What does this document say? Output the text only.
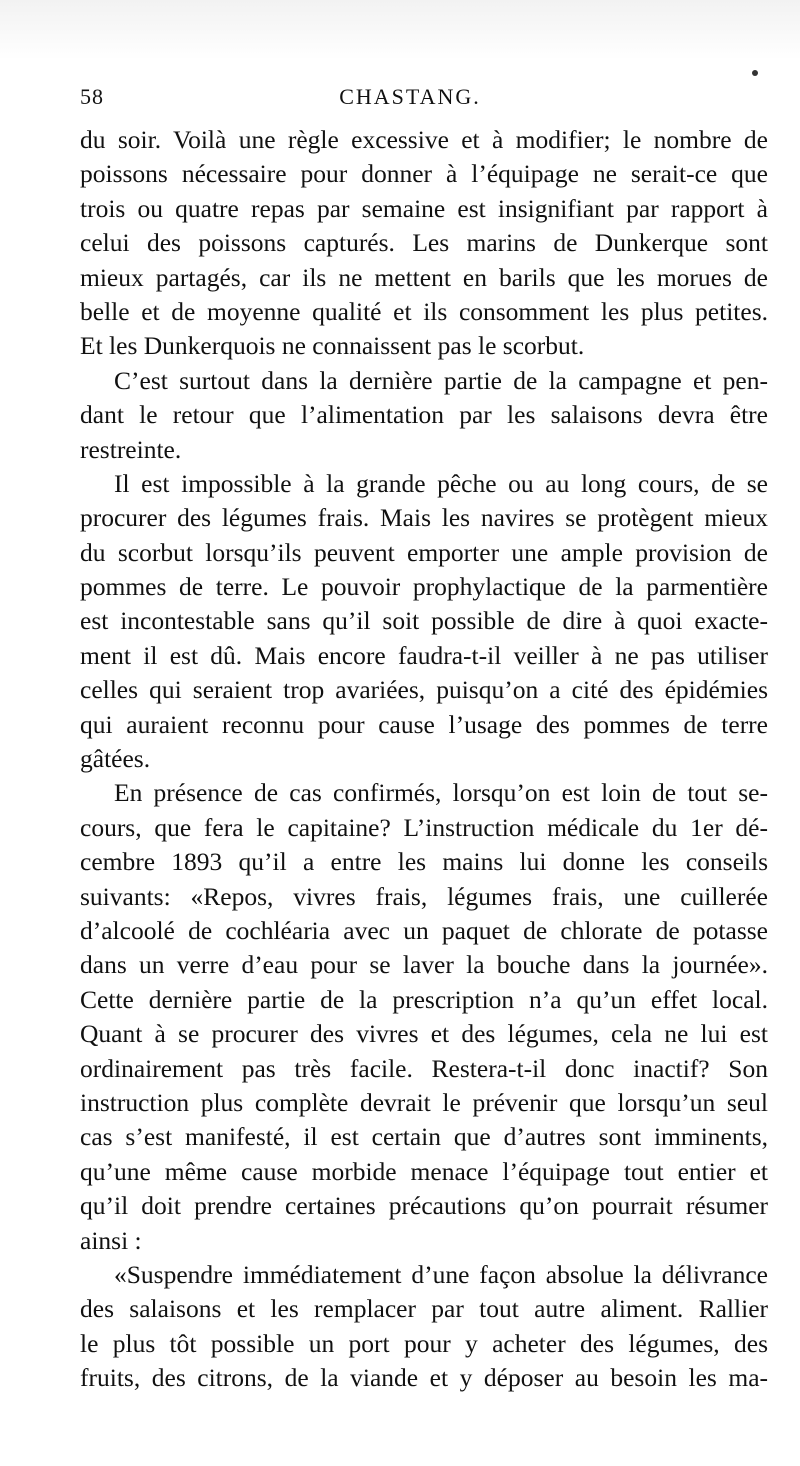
58	CHASTANG.
du soir. Voilà une règle excessive et à modifier; le nombre de
poissons nécessaire pour donner à l’équipage ne serait-ce que
trois ou quatre repas par semaine est insignifiant par rapport à
celui des poissons capturés. Les marins de Dunkerque sont
mieux partagés, car ils ne mettent en barils que les morues de
belle et de moyenne qualité et ils consomment les plus petites.
Et les Dunkerquois ne connaissent pas le scorbut.
C’est surtout dans la dernière partie de la campagne et pen-
dant le retour que l’alimentation par les salaisons devra être
restreinte.
Il est impossible à la grande pêche ou au long cours, de se
procurer des légumes frais. Mais les navires se protègent mieux
du scorbut lorsqu’ils peuvent emporter une ample provision de
pommes de terre. Le pouvoir prophylactique de la parmentière
est incontestable sans qu’il soit possible de dire à quoi exacte-
ment il est dû. Mais encore faudra-t-il veiller à ne pas utiliser
celles qui seraient trop avariées, puisqu’on a cité des épidémies
qui auraient reconnu pour cause l’usage des pommes de terre
gâtées.
En présence de cas confirmés, lorsqu’on est loin de tout se-
cours, que fera le capitaine? L’instruction médicale du 1er dé-
cembre 1893 qu’il a entre les mains lui donne les conseils
suivants: «Repos, vivres frais, légumes frais, une cuillerée
d’alcoolé de cochléaria avec un paquet de chlorate de potasse
dans un verre d’eau pour se laver la bouche dans la journée».
Cette dernière partie de la prescription n’a qu’un effet local.
Quant à se procurer des vivres et des légumes, cela ne lui est
ordinairement pas très facile. Restera-t-il donc inactif? Son
instruction plus complète devrait le prévenir que lorsqu’un seul
cas s’est manifesté, il est certain que d’autres sont imminents,
qu’une même cause morbide menace l’équipage tout entier et
qu’il doit prendre certaines précautions qu’on pourrait résumer
ainsi :
«Suspendre immédiatement d’une façon absolue la délivrance
des salaisons et les remplacer par tout autre aliment. Rallier
le plus tôt possible un port pour y acheter des légumes, des
fruits, des citrons, de la viande et y déposer au besoin les ma-
